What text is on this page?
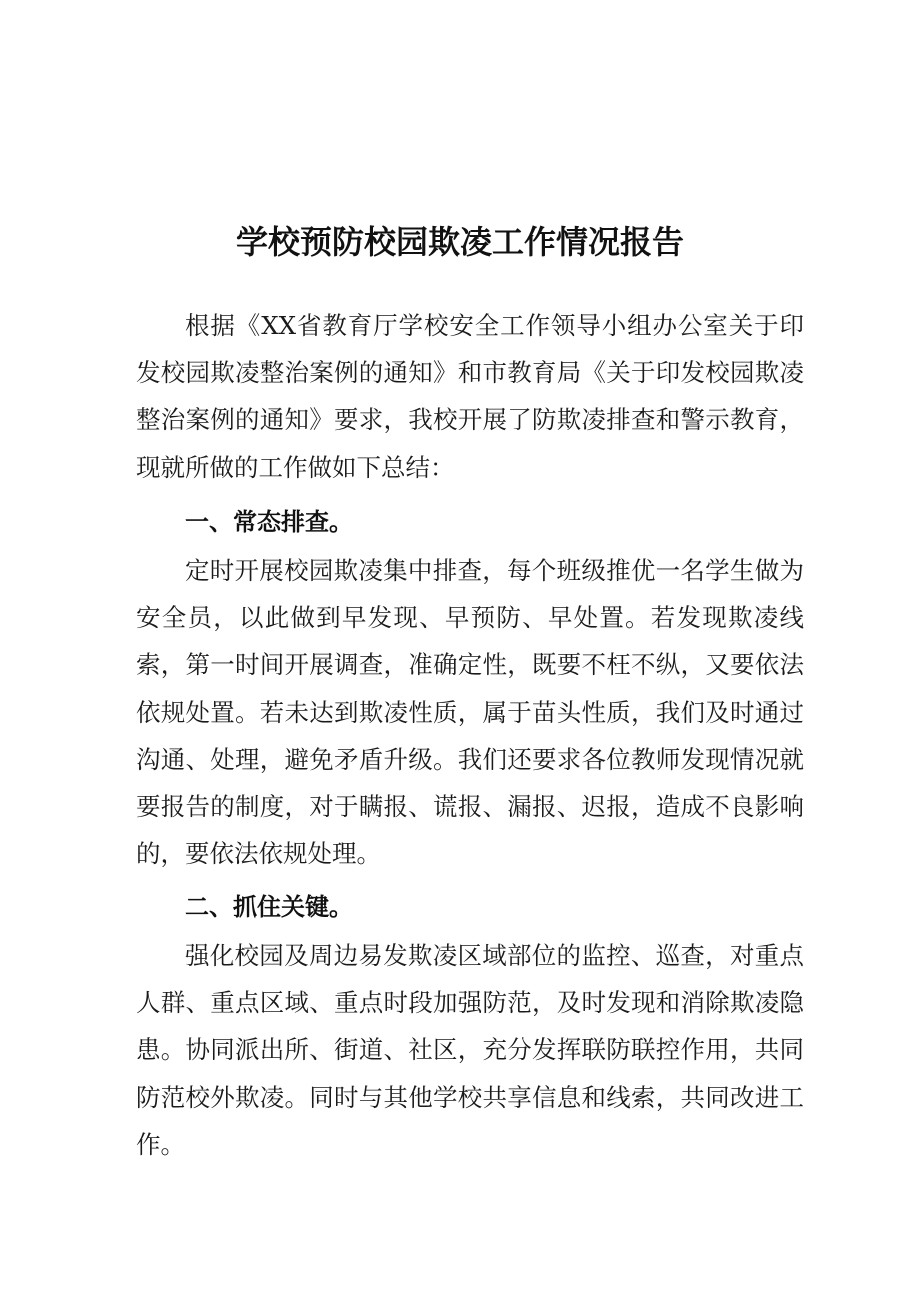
学校预防校园欺凌工作情况报告

根据《XX省教育厅学校安全工作领导小组办公室关于印发校园欺凌整治案例的通知》和市教育局《关于印发校园欺凌整治案例的通知》要求，我校开展了防欺凌排查和警示教育，现就所做的工作做如下总结：

一、常态排查。

定时开展校园欺凌集中排查，每个班级推优一名学生做为安全员，以此做到早发现、早预防、早处置。若发现欺凌线索，第一时间开展调查，准确定性，既要不枉不纵，又要依法依规处置。若未达到欺凌性质，属于苗头性质，我们及时通过沟通、处理，避免矛盾升级。我们还要求各位教师发现情况就要报告的制度，对于瞒报、谎报、漏报、迟报，造成不良影响的，要依法依规处理。

二、抓住关键。

强化校园及周边易发欺凌区域部位的监控、巡查，对重点人群、重点区域、重点时段加强防范，及时发现和消除欺凌隐患。协同派出所、街道、社区，充分发挥联防联控作用，共同防范校外欺凌。同时与其他学校共享信息和线索，共同改进工作。
